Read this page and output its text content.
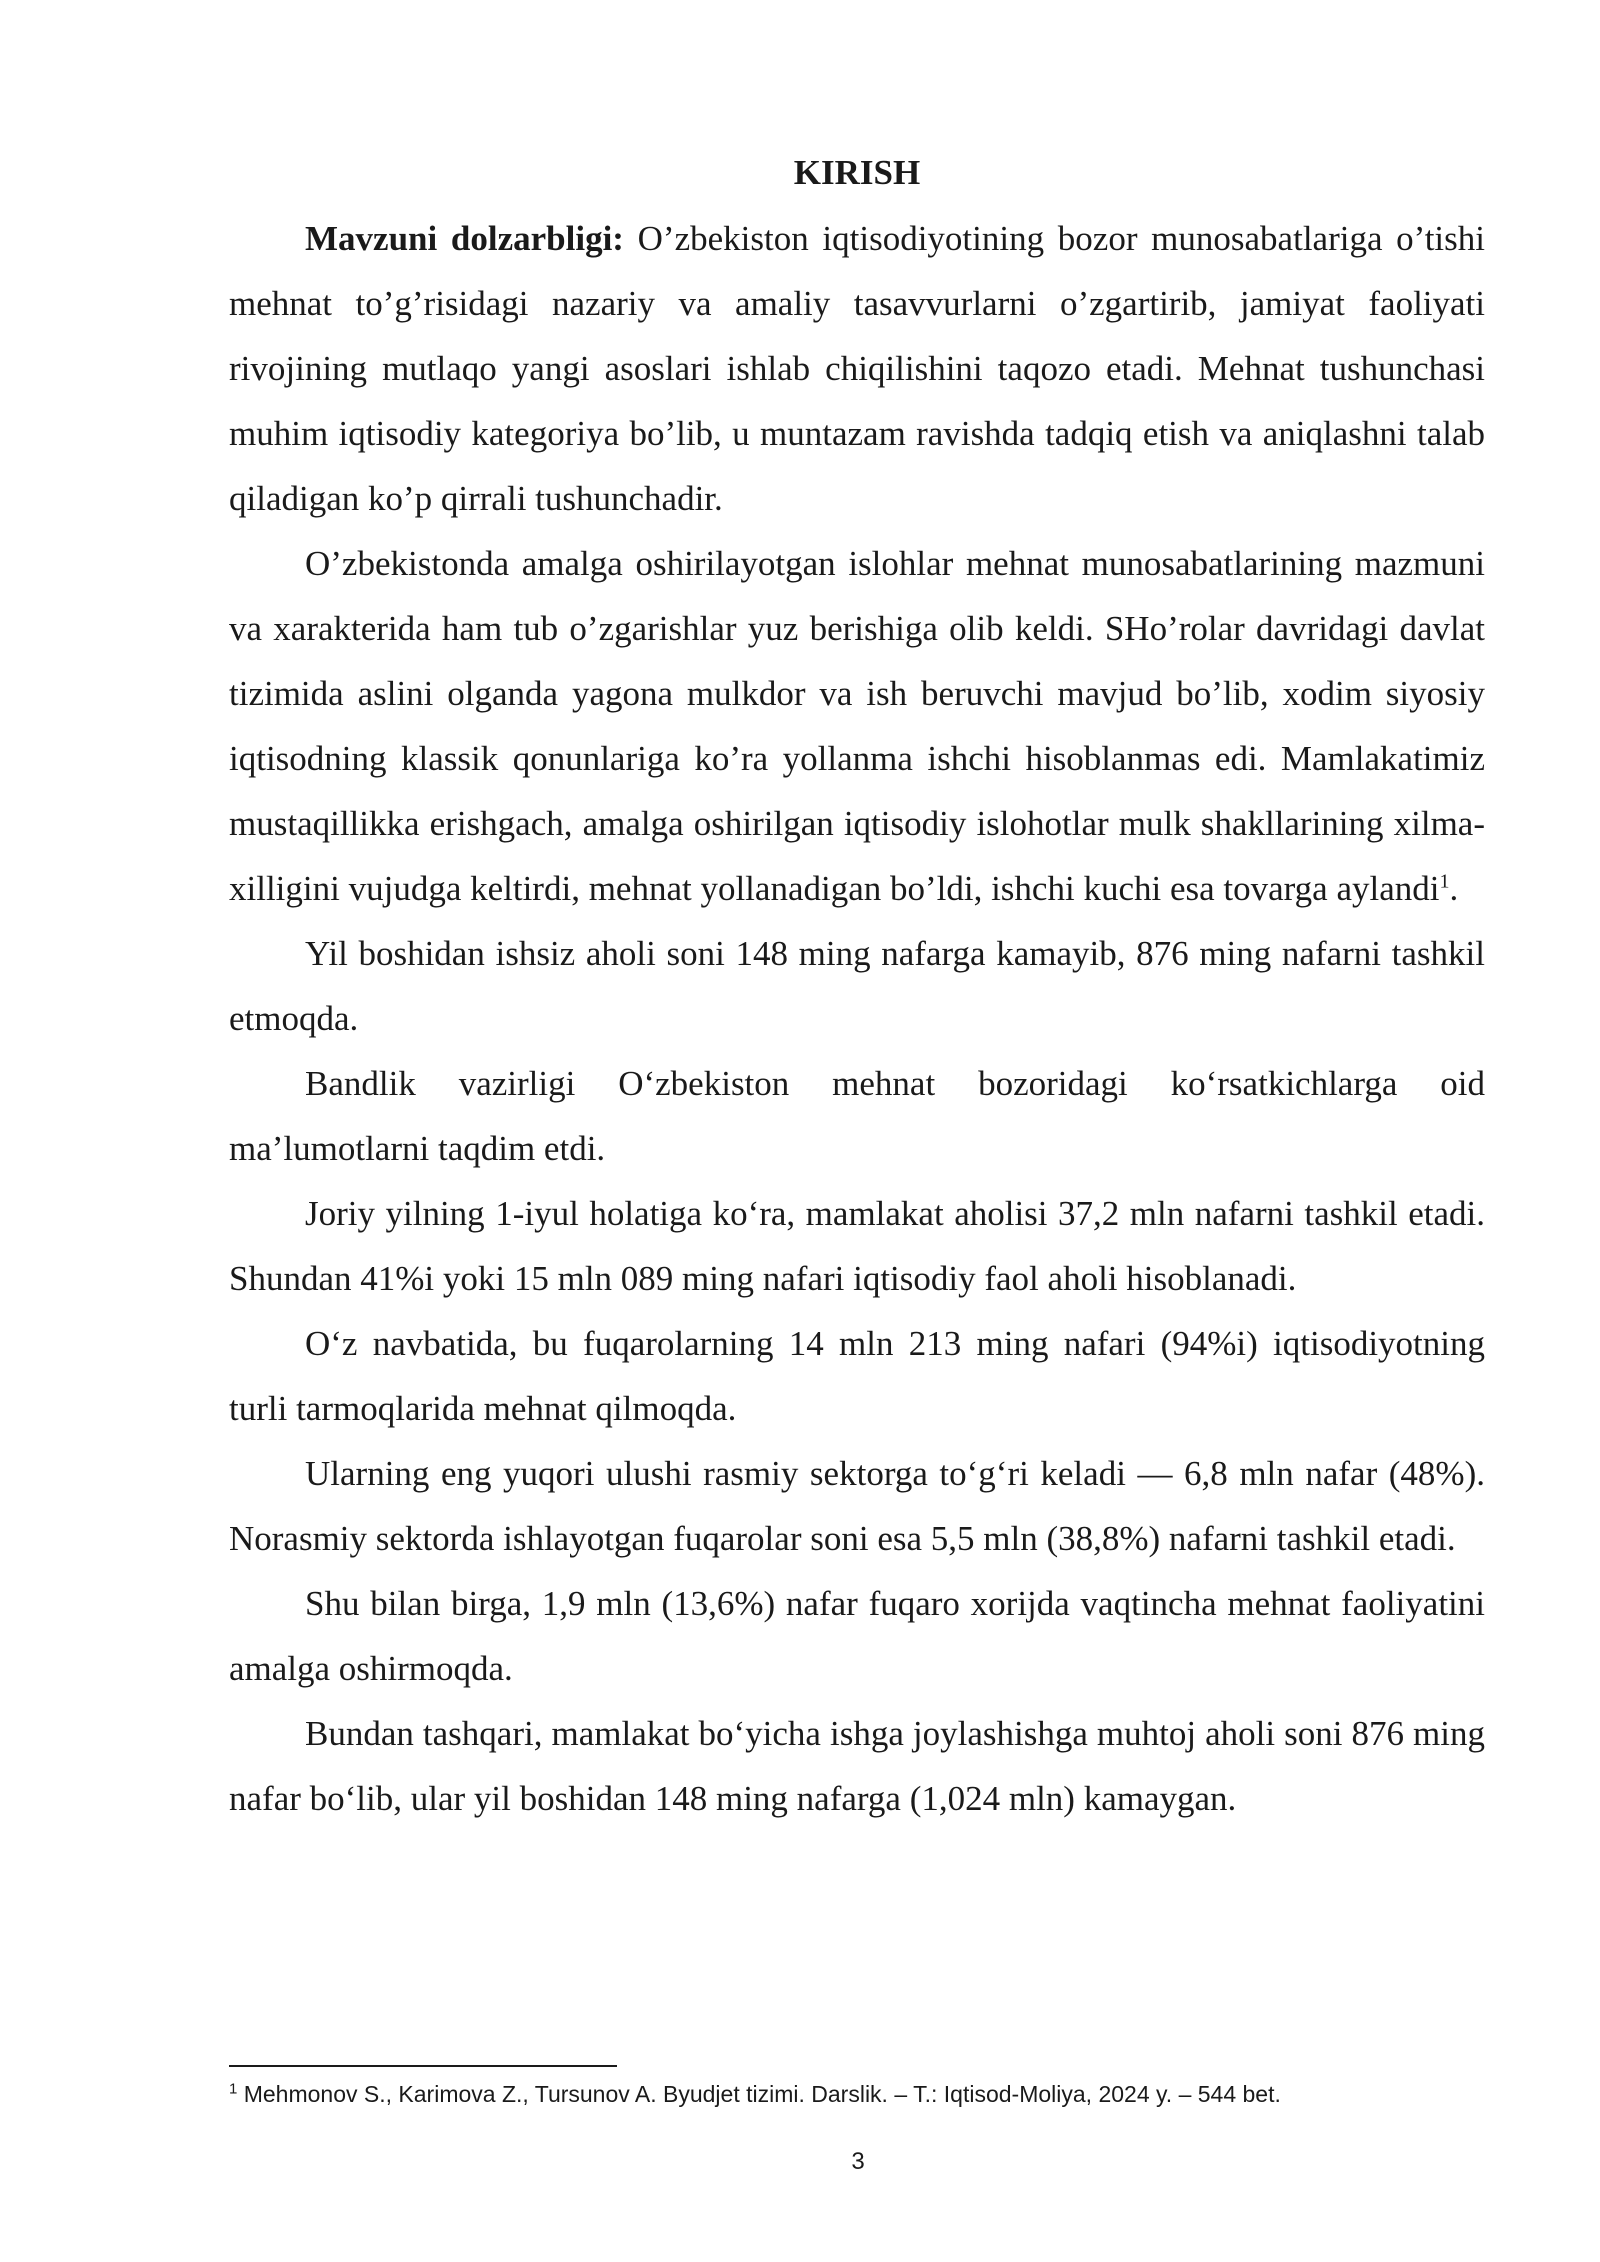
KIRISH

Mavzuni dolzarbligi: O’zbekiston iqtisodiyotining bozor munosabatlariga o’tishi mehnat to’g’risidagi nazariy va amaliy tasavvurlarni o’zgartirib, jamiyat faoliyati rivojining mutlaqo yangi asoslari ishlab chiqilishini taqozo etadi. Mehnat tushunchasi muhim iqtisodiy kategoriya bo’lib, u muntazam ravishda tadqiq etish va aniqlashni talab qiladigan ko’p qirrali tushunchadir.

O’zbekistonda amalga oshirilayotgan islohlar mehnat munosabatlarining mazmuni va xarakterida ham tub o’zgarishlar yuz berishiga olib keldi. SHo’rolar davridagi davlat tizimida aslini olganda yagona mulkdor va ish beruvchi mavjud bo’lib, xodim siyosiy iqtisodning klassik qonunlariga ko’ra yollanma ishchi hisoblanmas edi. Mamlakatimiz mustaqillikka erishgach, amalga oshirilgan iqtisodiy islohotlar mulk shakllarining xilma-xilligini vujudga keltirdi, mehnat yollanadigan bo’ldi, ishchi kuchi esa tovarga aylandi$^1$.

Yil boshidan ishsiz aholi soni 148 ming nafarga kamayib, 876 ming nafarni tashkil etmoqda.

Bandlik vazirligi O‘zbekiston mehnat bozoridagi ko‘rsatkichlarga oid ma’lumotlarni taqdim etdi.

Joriy yilning 1-iyul holatiga ko‘ra, mamlakat aholisi 37,2 mln nafarni tashkil etadi. Shundan 41%i yoki 15 mln 089 ming nafari iqtisodiy faol aholi hisoblanadi.

O‘z navbatida, bu fuqarolarning 14 mln 213 ming nafari (94%i) iqtisodiyotning turli tarmoqlarida mehnat qilmoqda.

Ularning eng yuqori ulushi rasmiy sektorga to‘g‘ri keladi — 6,8 mln nafar (48%). Norasmiy sektorda ishlayotgan fuqarolar soni esa 5,5 mln (38,8%) nafarni tashkil etadi.

Shu bilan birga, 1,9 mln (13,6%) nafar fuqaro xorijda vaqtincha mehnat faoliyatini amalga oshirmoqda.

Bundan tashqari, mamlakat bo‘yicha ishga joylashishga muhtoj aholi soni 876 ming nafar bo‘lib, ular yil boshidan 148 ming nafarga (1,024 mln) kamaygan.

$^1$ Mehmonov S., Karimova Z., Tursunov A. Byudjet tizimi. Darslik. – T.: Iqtisod-Moliya, 2024 y. – 544 bet.
3
